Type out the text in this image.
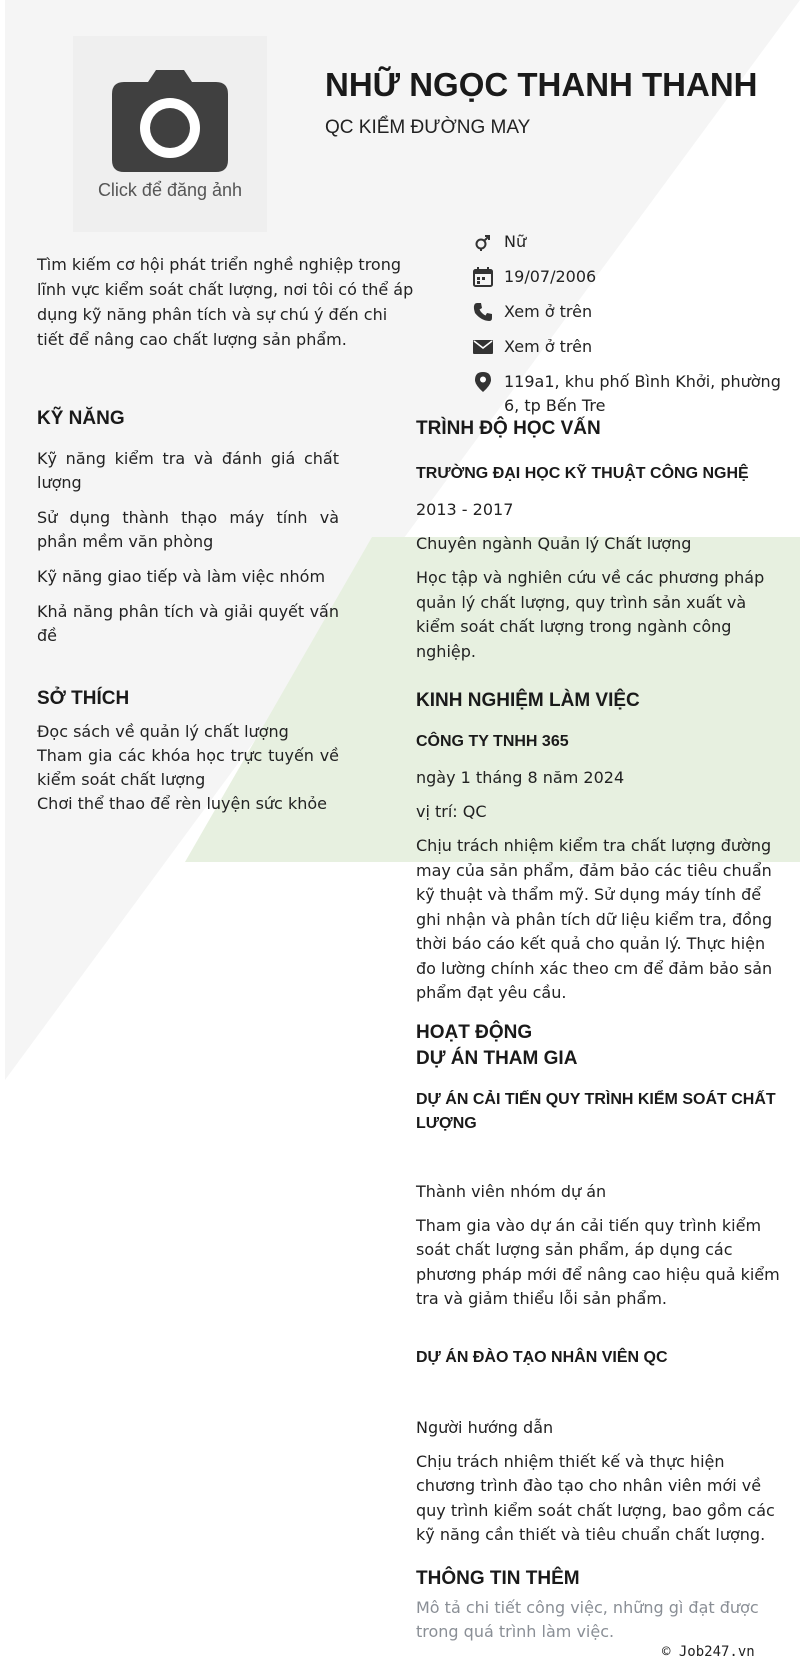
Click để đăng ảnh
NHỮ NGỌC THANH THANH
QC KIỂM ĐƯỜNG MAY
Tìm kiếm cơ hội phát triển nghề nghiệp trong lĩnh vực kiểm soát chất lượng, nơi tôi có thể áp dụng kỹ năng phân tích và sự chú ý đến chi tiết để nâng cao chất lượng sản phẩm.
Nữ
19/07/2006
Xem ở trên
Xem ở trên
119a1, khu phố Bình Khởi, phường 6, tp Bến Tre
KỸ NĂNG
Kỹ năng kiểm tra và đánh giá chất lượng
Sử dụng thành thạo máy tính và phần mềm văn phòng
Kỹ năng giao tiếp và làm việc nhóm
Khả năng phân tích và giải quyết vấn đề
SỞ THÍCH
Đọc sách về quản lý chất lượng
Tham gia các khóa học trực tuyến về kiểm soát chất lượng
Chơi thể thao để rèn luyện sức khỏe
TRÌNH ĐỘ HỌC VẤN
TRƯỜNG ĐẠI HỌC KỸ THUẬT CÔNG NGHỆ
2013 - 2017
Chuyên ngành Quản lý Chất lượng
Học tập và nghiên cứu về các phương pháp quản lý chất lượng, quy trình sản xuất và kiểm soát chất lượng trong ngành công nghiệp.
KINH NGHIỆM LÀM VIỆC
CÔNG TY TNHH 365
ngày 1 tháng 8 năm 2024
vị trí: QC
Chịu trách nhiệm kiểm tra chất lượng đường may của sản phẩm, đảm bảo các tiêu chuẩn kỹ thuật và thẩm mỹ. Sử dụng máy tính để ghi nhận và phân tích dữ liệu kiểm tra, đồng thời báo cáo kết quả cho quản lý. Thực hiện đo lường chính xác theo cm để đảm bảo sản phẩm đạt yêu cầu.
HOẠT ĐỘNG
DỰ ÁN THAM GIA
DỰ ÁN CẢI TIẾN QUY TRÌNH KIỂM SOÁT CHẤT LƯỢNG
Thành viên nhóm dự án
Tham gia vào dự án cải tiến quy trình kiểm soát chất lượng sản phẩm, áp dụng các phương pháp mới để nâng cao hiệu quả kiểm tra và giảm thiểu lỗi sản phẩm.
DỰ ÁN ĐÀO TẠO NHÂN VIÊN QC
Người hướng dẫn
Chịu trách nhiệm thiết kế và thực hiện chương trình đào tạo cho nhân viên mới về quy trình kiểm soát chất lượng, bao gồm các kỹ năng cần thiết và tiêu chuẩn chất lượng.
THÔNG TIN THÊM
Mô tả chi tiết công việc, những gì đạt được trong quá trình làm việc.
© Job247.vn
